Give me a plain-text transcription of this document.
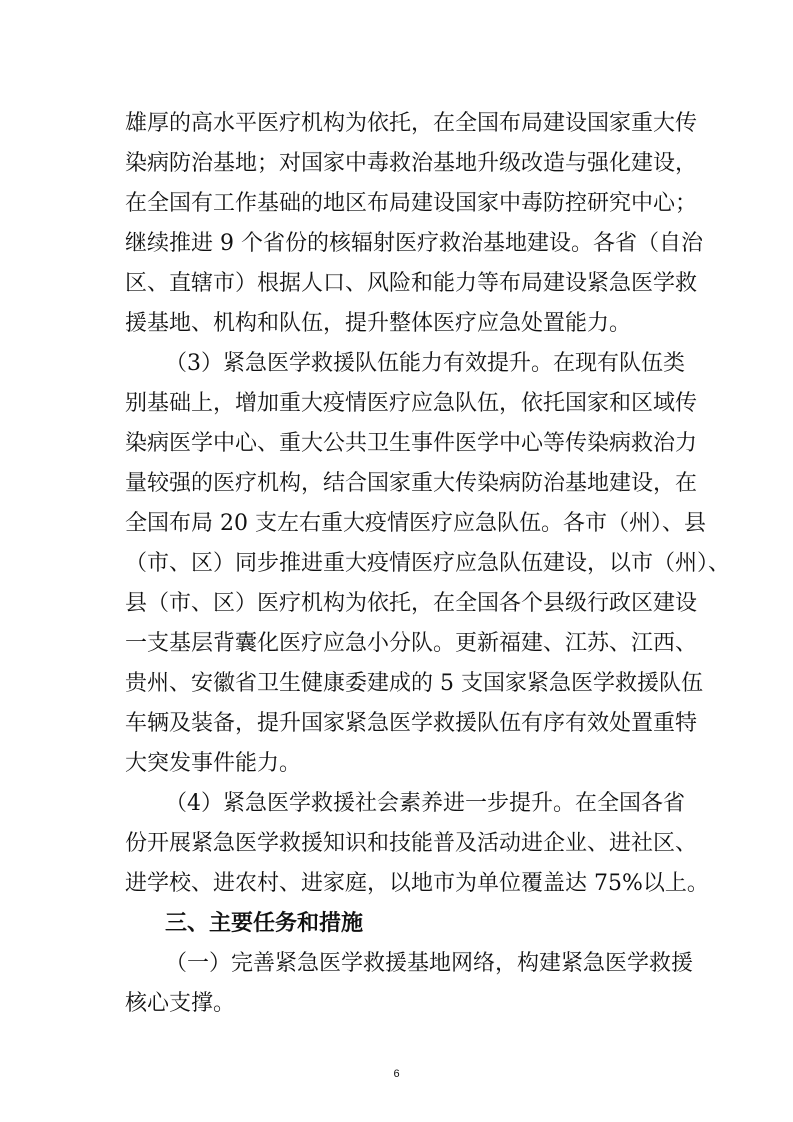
雄厚的高水平医疗机构为依托，在全国布局建设国家重大传
染病防治基地；对国家中毒救治基地升级改造与强化建设，
在全国有工作基础的地区布局建设国家中毒防控研究中心；
继续推进 9 个省份的核辐射医疗救治基地建设。各省（自治
区、直辖市）根据人口、风险和能力等布局建设紧急医学救
援基地、机构和队伍，提升整体医疗应急处置能力。
（3）紧急医学救援队伍能力有效提升。在现有队伍类
别基础上，增加重大疫情医疗应急队伍，依托国家和区域传
染病医学中心、重大公共卫生事件医学中心等传染病救治力
量较强的医疗机构，结合国家重大传染病防治基地建设，在
全国布局 20 支左右重大疫情医疗应急队伍。各市（州）、县
（市、区）同步推进重大疫情医疗应急队伍建设，以市（州）、
县（市、区）医疗机构为依托，在全国各个县级行政区建设
一支基层背囊化医疗应急小分队。更新福建、江苏、江西、
贵州、安徽省卫生健康委建成的 5 支国家紧急医学救援队伍
车辆及装备，提升国家紧急医学救援队伍有序有效处置重特
大突发事件能力。
（4）紧急医学救援社会素养进一步提升。在全国各省
份开展紧急医学救援知识和技能普及活动进企业、进社区、
进学校、进农村、进家庭，以地市为单位覆盖达 75%以上。
三、主要任务和措施
（一）完善紧急医学救援基地网络，构建紧急医学救援
核心支撑。
6
